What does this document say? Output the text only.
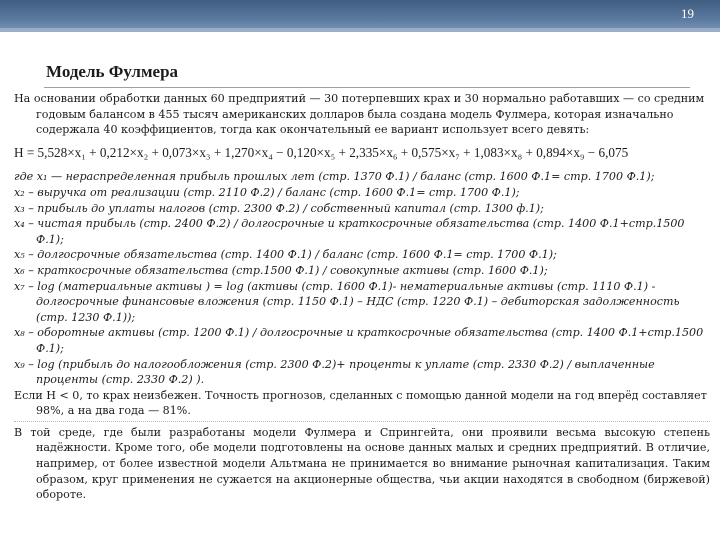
19
Модель Фулмера

На основании обработки данных 60 предприятий — 30 потерпевших крах и 30 нормально работавших — со средним годовым балансом в 455 тысяч американских долларов была создана модель Фулмера, которая изначально содержала 40 коэффициентов, тогда как окончательный ее вариант использует всего девять:

H = 5,528×x₁ + 0,212×x₂ + 0,073×x₃ + 1,270×x₄ − 0,120×x₅ + 2,335×x₆ + 0,575×x₇ + 1,083×x₈ + 0,894×x₉ − 6,075

где x₁ — нераспределенная прибыль прошлых лет (стр. 1370 Ф.1) / баланс (стр. 1600 Ф.1= стр. 1700 Ф.1);

x₂ – выручка от реализации (стр. 2110 Ф.2) / баланс (стр. 1600 Ф.1= стр. 1700 Ф.1);

x₃ – прибыль до уплаты налогов (стр. 2300 Ф.2) / собственный капитал (стр. 1300 ф.1);

x₄ – чистая прибыль (стр. 2400 Ф.2) / долгосрочные и краткосрочные обязательства (стр. 1400 Ф.1+стр.1500 Ф.1);

x₅ – долгосрочные обязательства (стр. 1400 Ф.1) / баланс (стр. 1600 Ф.1= стр. 1700 Ф.1);

x₆ – краткосрочные обязательства (стр.1500 Ф.1) / совокупные активы (стр. 1600 Ф.1);

x₇ – log (материальные активы ) = log (активы (стр. 1600 Ф.1)- нематериальные активы (стр. 1110 Ф.1) - долгосрочные финансовые вложения (стр. 1150 Ф.1) – НДС (стр. 1220 Ф.1) – дебиторская задолженность (стр. 1230 Ф.1));

x₈ – оборотные активы (стр. 1200 Ф.1) / долгосрочные и краткосрочные обязательства (стр. 1400 Ф.1+стр.1500 Ф.1);

x₉ – log (прибыль до налогообложения (стр. 2300 Ф.2)+ проценты к уплате (стр. 2330 Ф.2) / выплаченные проценты (стр. 2330 Ф.2) ).

Если H < 0, то крах неизбежен. Точность прогнозов, сделанных с помощью данной модели на год вперёд составляет 98%, а на два года — 81%.

В той среде, где были разработаны модели Фулмера и Спрингейта, они проявили весьма высокую степень надёжности. Кроме того, обе модели подготовлены на основе данных малых и средних предприятий. В отличие, например, от более известной модели Альтмана не принимается во внимание рыночная капитализация. Таким образом, круг применения не сужается на акционерные общества, чьи акции находятся в свободном (биржевой) обороте.
